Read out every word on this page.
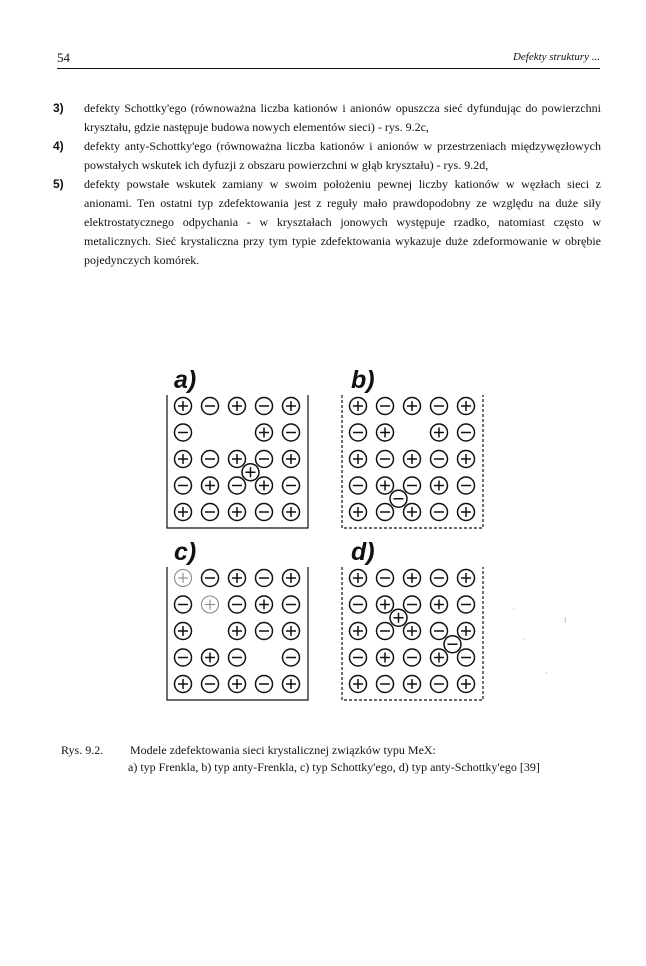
54	Defekty struktury ...
3) defekty Schottky'ego (równoważna liczba kationów i anionów opuszcza sieć dyfundując do powierzchni kryształu, gdzie następuje budowa nowych elementów sieci) - rys. 9.2c,
4) defekty anty-Schottky'ego (równoważna liczba kationów i anionów w przestrzeniach międzywęzłowych powstałych wskutek ich dyfuzji z obszaru powierzchni w głąb kryształu) - rys. 9.2d,
5) defekty powstałe wskutek zamiany w swoim położeniu pewnej liczby kationów w węzłach sieci z anionami. Ten ostatni typ zdefektowania jest z reguły mało prawdopodobny ze względu na duże siły elektrostatycznego odpychania - w kryształach jonowych występuje rzadko, natomiast często w metalicznych. Sieć krystaliczna przy tym typie zdefektowania wykazuje duże zdeformowanie w obrębie pojedynczych komórek.
a)	b)
c)	d)
·
ı
·
·
Rys. 9.2. Modele zdefektowania sieci krystalicznej związków typu MeX:
a) typ Frenkla, b) typ anty-Frenkla, c) typ Schottky'ego, d) typ anty-Schottky'ego [39]
